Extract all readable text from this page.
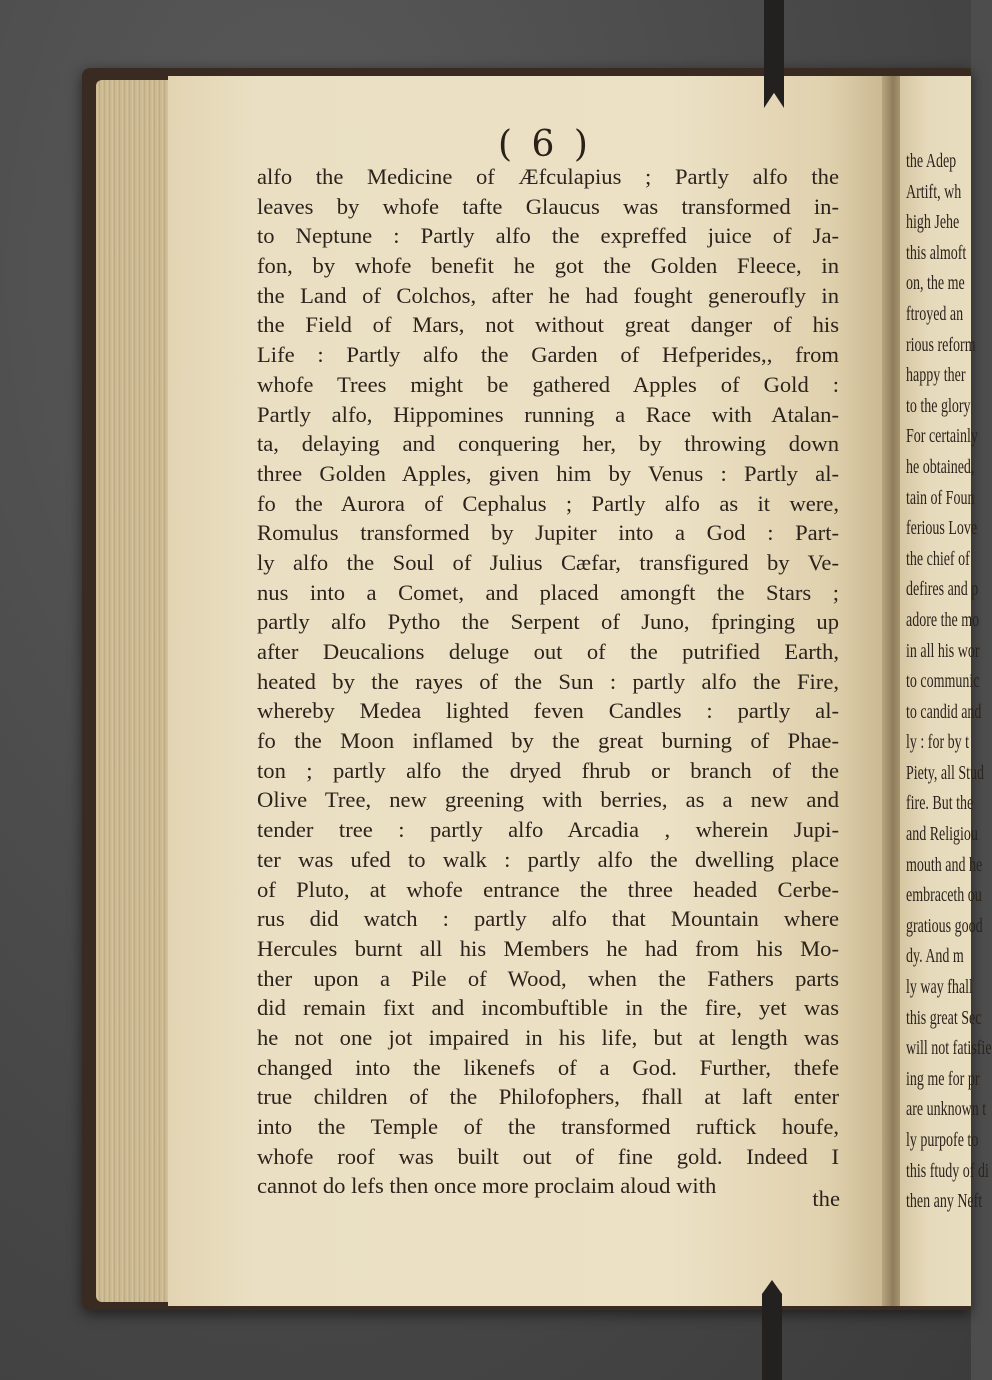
( 6 )
alfo the Medicine of Æfculapius ; Partly alfo the
leaves by whofe tafte Glaucus was transformed in-
to Neptune : Partly alfo the expreffed juice of Ja-
fon, by whofe benefit he got the Golden Fleece, in
the Land of Colchos, after he had fought generoufly in
the Field of Mars, not without great danger of his
Life : Partly alfo the Garden of Hefperides,, from
whofe Trees might be gathered Apples of Gold :
Partly alfo, Hippomines running a Race with Atalan-
ta, delaying and conquering her, by throwing down
three Golden Apples, given him by Venus : Partly al-
fo the Aurora of Cephalus ; Partly alfo as it were,
Romulus transformed by Jupiter into a God : Part-
ly alfo the Soul of Julius Cæfar, transfigured by Ve-
nus into a Comet, and placed amongft the Stars ;
partly alfo Pytho the Serpent of Juno, fpringing up
after Deucalions deluge out of the putrified Earth,
heated by the rayes of the Sun : partly alfo the Fire,
whereby Medea lighted feven Candles : partly al-
fo the Moon inflamed by the great burning of Phae-
ton ; partly alfo the dryed fhrub or branch of the
Olive Tree, new greening with berries, as a new and
tender tree : partly alfo Arcadia , wherein Jupi-
ter was ufed to walk : partly alfo the dwelling place
of Pluto, at whofe entrance the three headed Cerbe-
rus did watch : partly alfo that Mountain where
Hercules burnt all his Members he had from his Mo-
ther upon a Pile of Wood, when the Fathers parts
did remain fixt and incombuftible in the fire, yet was
he not one jot impaired in his life, but at length was
changed into the likenefs of a God. Further, thefe
true children of the Philofophers, fhall at laft enter
into the Temple of the transformed ruftick houfe,
whofe roof was built out of fine gold. Indeed I
cannot do lefs then once more proclaim aloud with
the
the Adep
Artift, wh
high Jehe
this almoft
on, the me
ftroyed an
rious reform
happy ther
to the glory
For certainly
he obtained,
tain of Foun
ferious Love
the chief of
defires and p
adore the mo
in all his wor
to communic
to candid and
ly : for by t
Piety, all Stud
fire. But the
and Religiou
mouth and he
embraceth ou
gratious good
dy. And m
ly way fhall
this great Sec
will not fatisfie
ing me for pr
are unknown t
ly purpofe to
this ftudy of di
then any Neft
